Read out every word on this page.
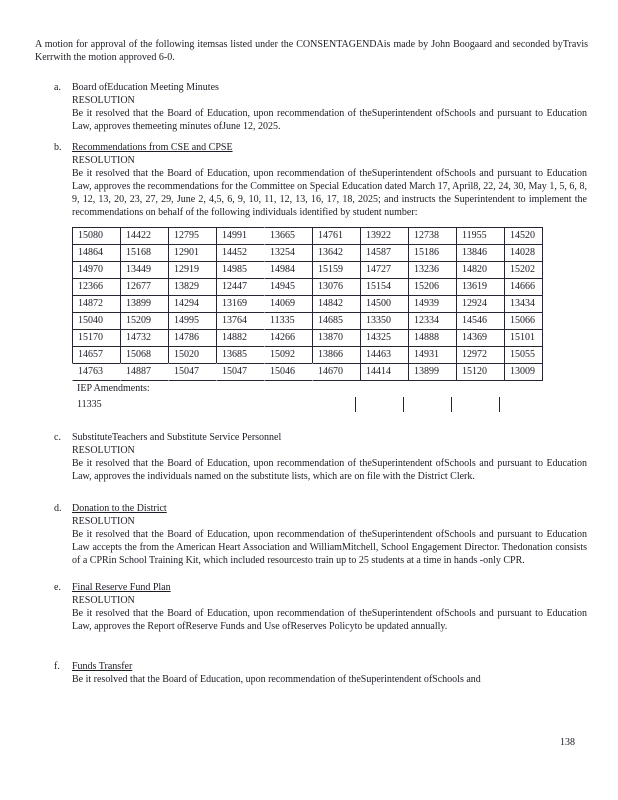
A motion for approval of the following itemsas listed under the CONSENTAGENDAis made by John Boogaard and seconded byTravis Kerrwith the motion approved 6-0.
a.	Board ofEducation Meeting Minutes
RESOLUTION
Be it resolved that the Board of Education, upon recommendation of theSuperintendent ofSchools and pursuant to Education Law, approves themeeting minutes ofJune 12, 2025.
b.	Recommendations from CSE and CPSE
RESOLUTION
Be it resolved that the Board of Education, upon recommendation of theSuperintendent ofSchools and pursuant to Education Law, approves the recommendations for the Committee on Special Education dated March 17, April8, 22, 24, 30, May 1, 5, 6, 8, 9, 12, 13, 20, 23, 27, 29, June 2, 4,5, 6, 9, 10, 11, 12, 13, 16, 17, 18, 2025; and instructs the Superintendent to implement the recommendations on behalf of the following individuals identified by student number:
15080	14422	12795	14991	13665	14761	13922	12738	11955	14520
14864	15168	12901	14452	13254	13642	14587	15186	13846	14028
14970	13449	12919	14985	14984	15159	14727	13236	14820	15202
12366	12677	13829	12447	14945	13076	15154	15206	13619	14666
14872	13899	14294	13169	14069	14842	14500	14939	12924	13434
15040	15209	14995	13764	11335	14685	13350	12334	14546	15066
15170	14732	14786	14882	14266	13870	14325	14888	14369	15101
14657	15068	15020	13685	15092	13866	14463	14931	12972	15055
14763	14887	15047	15047	15046	14670	14414	13899	15120	13009
IEP Amendments:
11335
c.	SubstituteTeachers and Substitute Service Personnel
RESOLUTION
Be it resolved that the Board of Education, upon recommendation of theSuperintendent ofSchools and pursuant to Education Law, approves the individuals named on the substitute lists, which are on file with the District Clerk.
d.	Donation to the District
RESOLUTION
Be it resolved that the Board of Education, upon recommendation of theSuperintendent ofSchools and pursuant to Education Law accepts the from the American Heart Association and WilliamMitchell, School Engagement Director. Thedonation consists of a CPRin School Training Kit, which included resourcesto train up to 25 students at a time in hands -only CPR.
e.	Final Reserve Fund Plan
RESOLUTION
Be it resolved that the Board of Education, upon recommendation of theSuperintendent ofSchools and pursuant to Education Law, approves the Report ofReserve Funds and Use ofReserves Policyto be updated annually.
f.	Funds Transfer
Be it resolved that the Board of Education, upon recommendation of theSuperintendent ofSchools and
138
